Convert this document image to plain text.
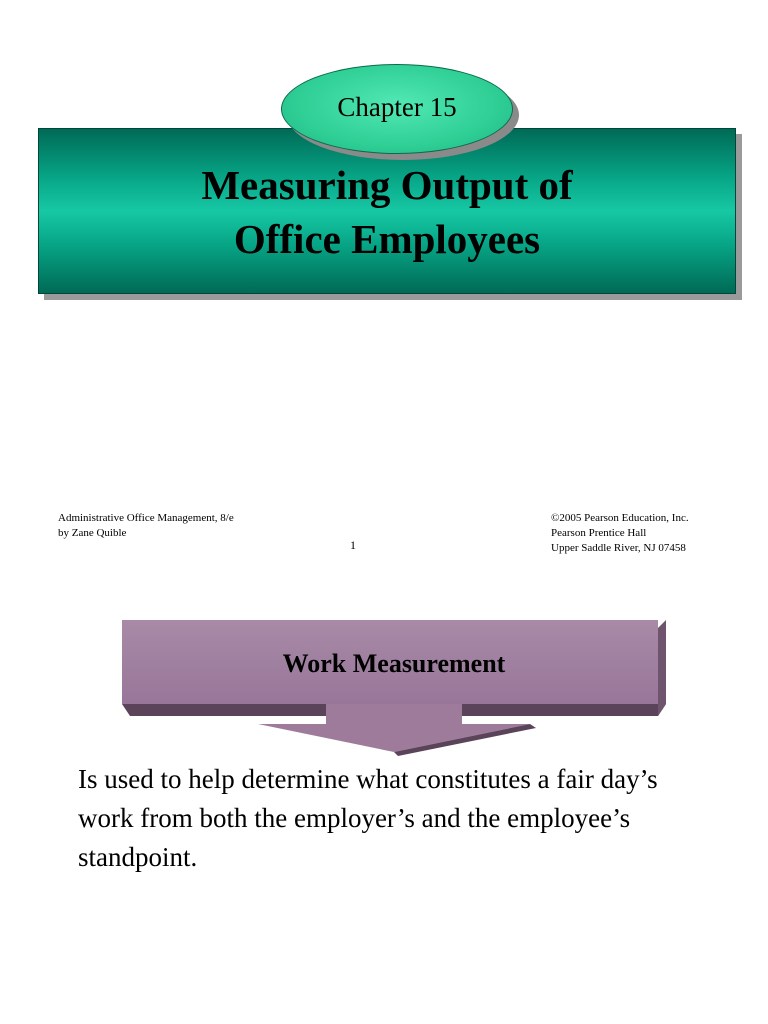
Measuring Output of
Office Employees
Chapter 15
Administrative Office Management, 8/e
by Zane Quible
1
©2005 Pearson Education, Inc.
Pearson Prentice Hall
Upper Saddle River, NJ 07458
Work Measurement

Is used to help determine what constitutes a fair day’s work from both the employer’s and the employee’s standpoint.
